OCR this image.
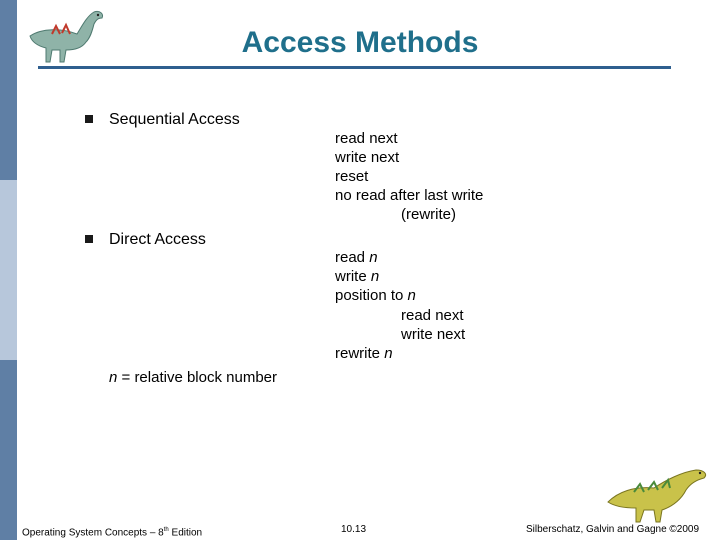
Access Methods
Sequential Access
read next
write next
reset
no read after last write
(rewrite)
Direct Access
read n
write n
position to n
read next
write next
rewrite n
n = relative block number
Operating System Concepts – 8th Edition	10.13	Silberschatz, Galvin and Gagne ©2009
